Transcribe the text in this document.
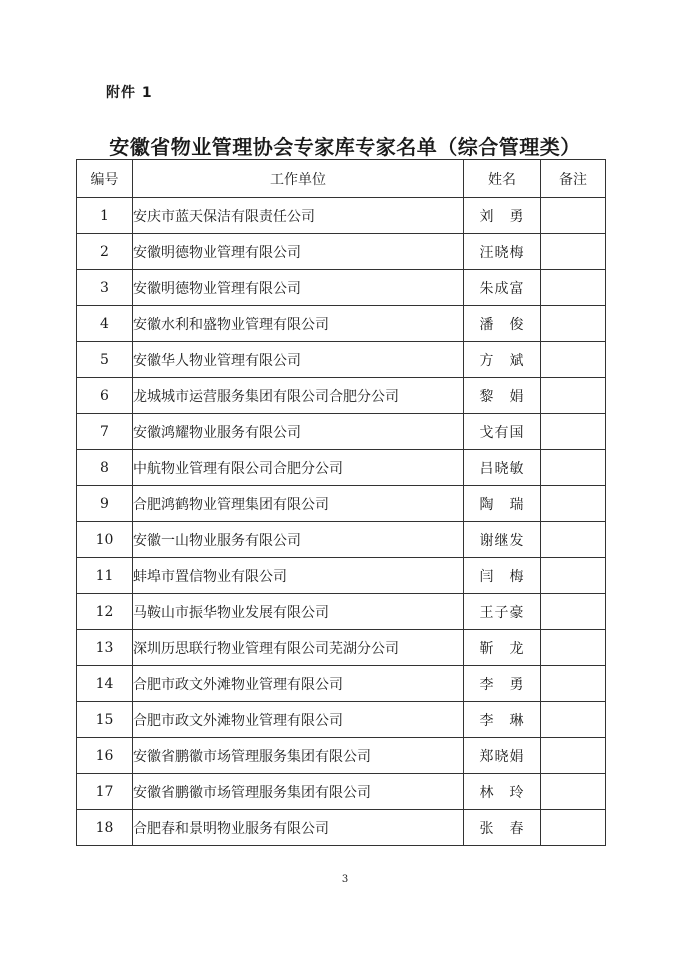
附件 1
安徽省物业管理协会专家库专家名单（综合管理类）
编号	工作单位	姓名	备注
1	安庆市蓝天保洁有限责任公司	刘　勇	
2	安徽明德物业管理有限公司	汪晓梅	
3	安徽明德物业管理有限公司	朱成富	
4	安徽水利和盛物业管理有限公司	潘　俊	
5	安徽华人物业管理有限公司	方　斌	
6	龙城城市运营服务集团有限公司合肥分公司	黎　娟	
7	安徽鸿耀物业服务有限公司	戈有国	
8	中航物业管理有限公司合肥分公司	吕晓敏	
9	合肥鸿鹤物业管理集团有限公司	陶　瑞	
10	安徽一山物业服务有限公司	谢继发	
11	蚌埠市置信物业有限公司	闫　梅	
12	马鞍山市振华物业发展有限公司	王子豪	
13	深圳历思联行物业管理有限公司芜湖分公司	靳　龙	
14	合肥市政文外滩物业管理有限公司	李　勇	
15	合肥市政文外滩物业管理有限公司	李　琳	
16	安徽省鹏徽市场管理服务集团有限公司	郑晓娟	
17	安徽省鹏徽市场管理服务集团有限公司	林　玲	
18	合肥春和景明物业服务有限公司	张　春	
3
